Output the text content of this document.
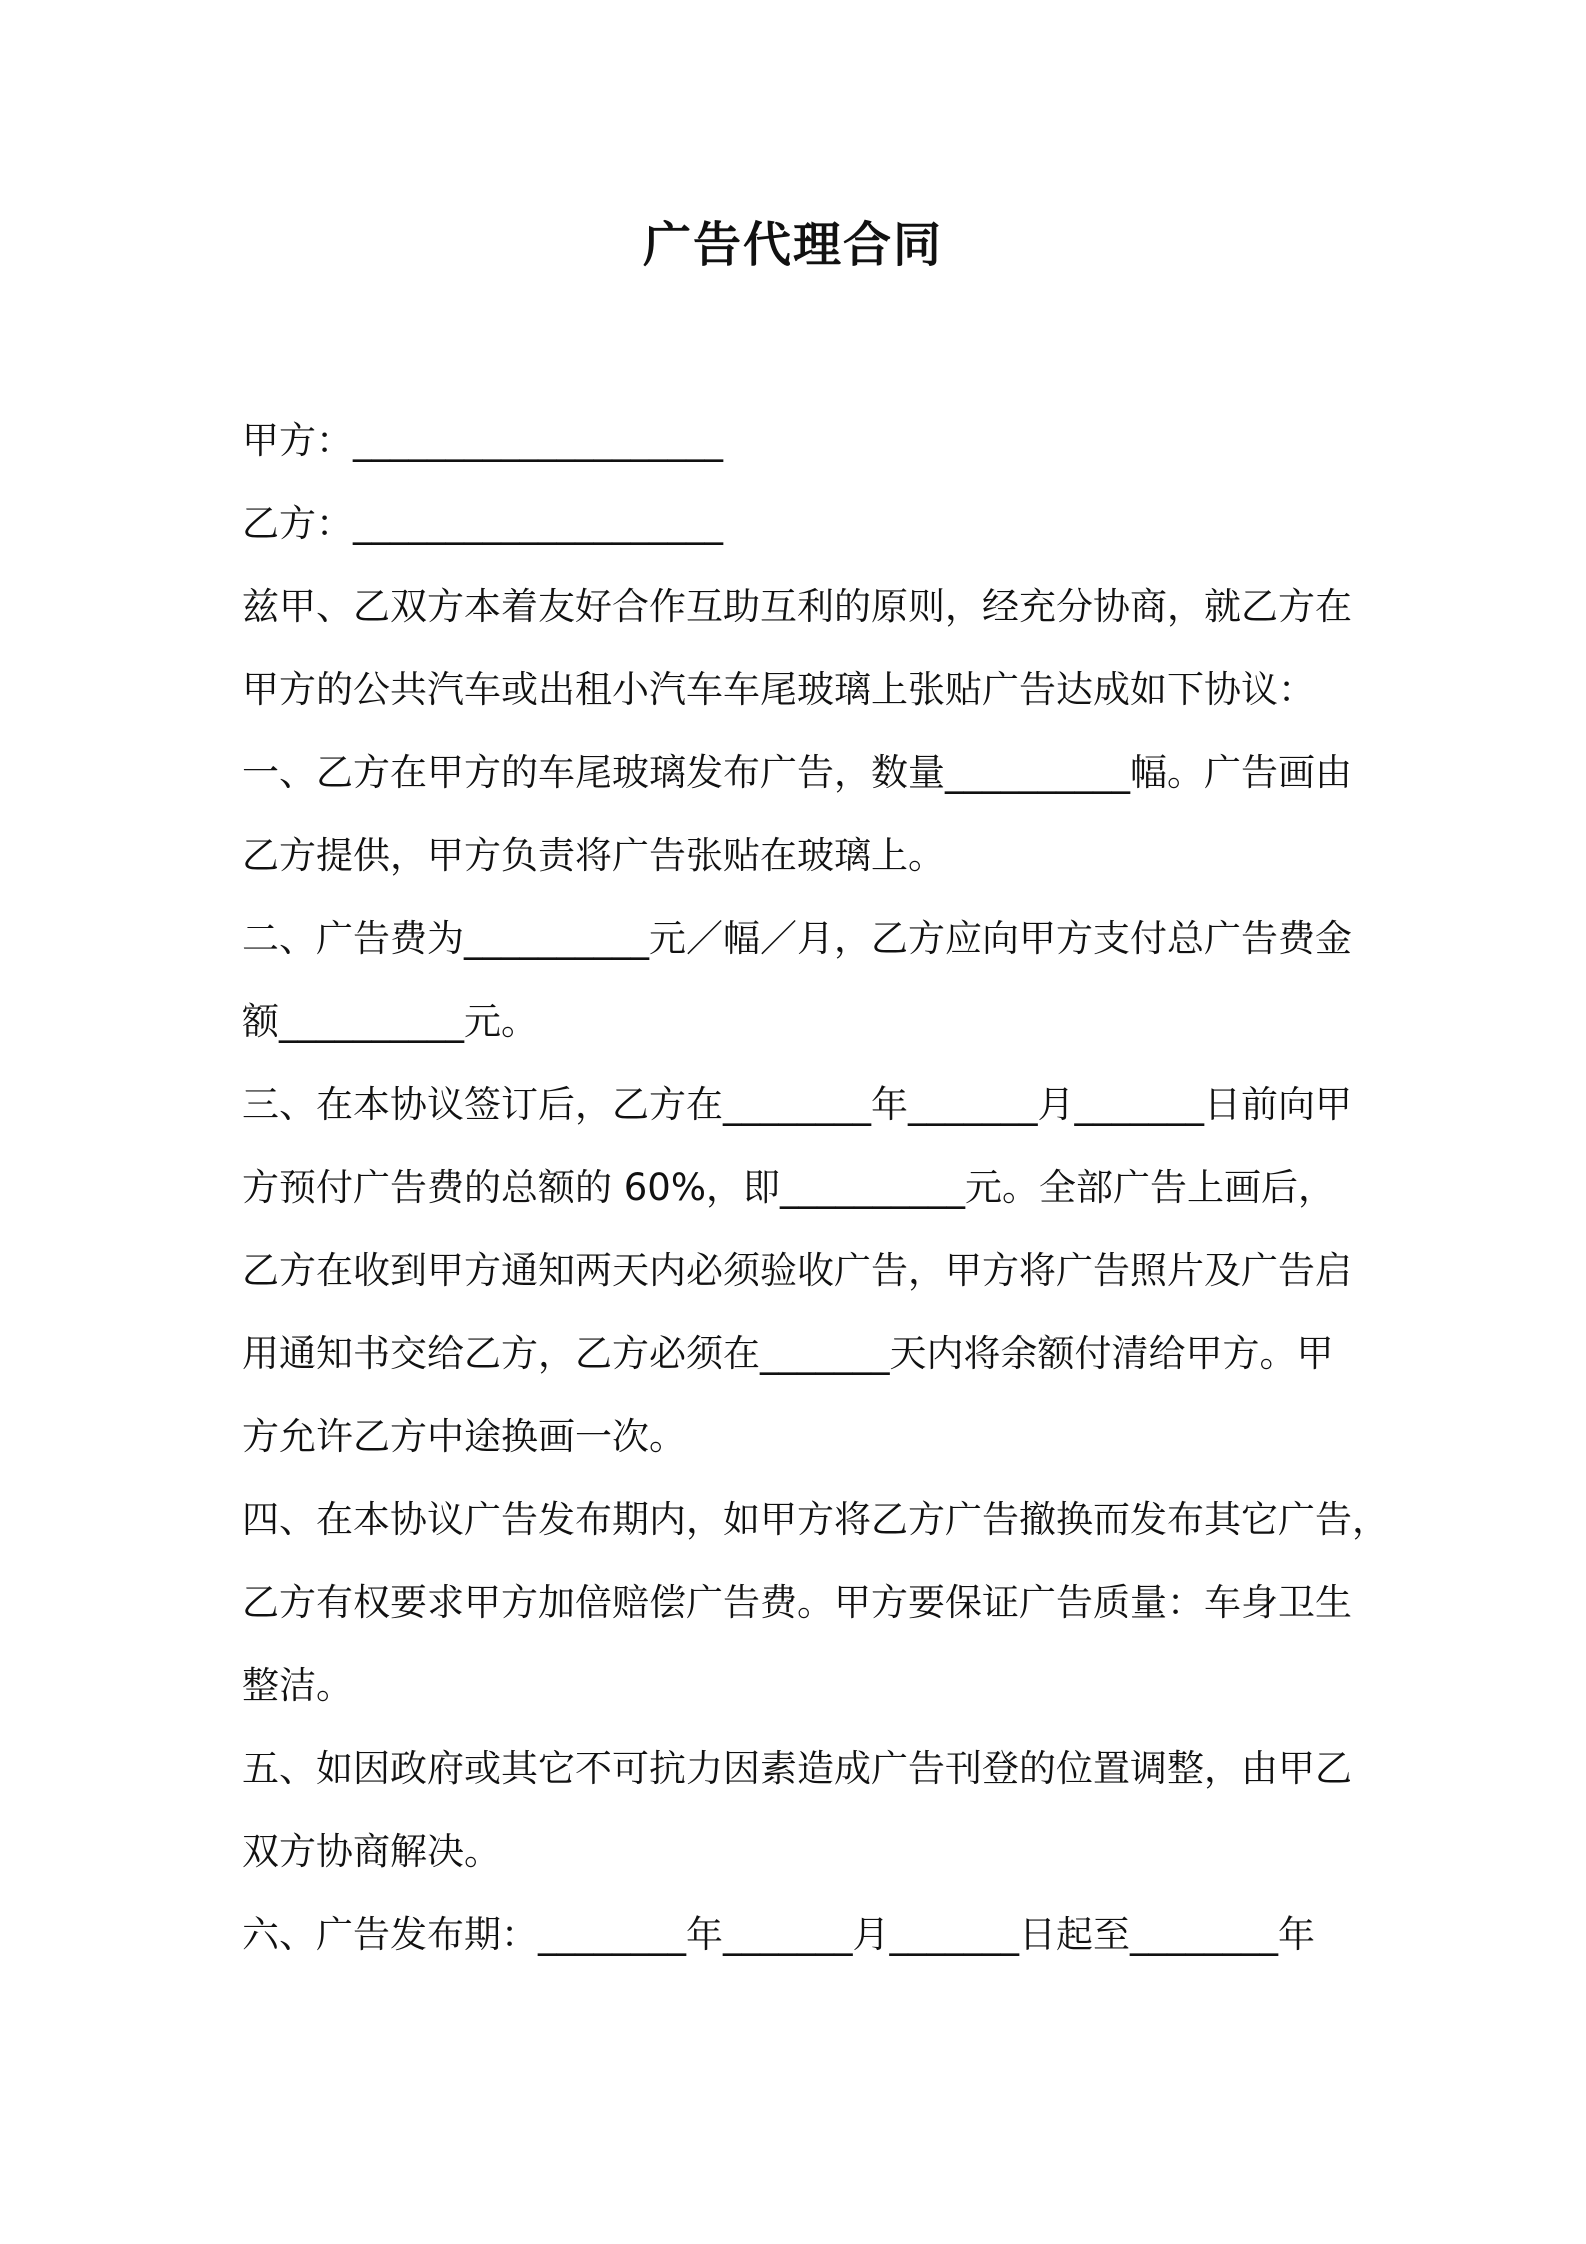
广告代理合同
甲方：____________________
乙方：____________________
兹甲、乙双方本着友好合作互助互利的原则，经充分协商，就乙方在
甲方的公共汽车或出租小汽车车尾玻璃上张贴广告达成如下协议：
一、乙方在甲方的车尾玻璃发布广告，数量__________幅。广告画由
乙方提供，甲方负责将广告张贴在玻璃上。
二、广告费为__________元／幅／月，乙方应向甲方支付总广告费金
额__________元。
三、在本协议签订后，乙方在________年_______月_______日前向甲
方预付广告费的总额的 60%，即__________元。全部广告上画后，
乙方在收到甲方通知两天内必须验收广告，甲方将广告照片及广告启
用通知书交给乙方，乙方必须在_______天内将余额付清给甲方。甲
方允许乙方中途换画一次。
四、在本协议广告发布期内，如甲方将乙方广告撤换而发布其它广告，
乙方有权要求甲方加倍赔偿广告费。甲方要保证广告质量：车身卫生
整洁。
五、如因政府或其它不可抗力因素造成广告刊登的位置调整，由甲乙
双方协商解决。
六、广告发布期：________年_______月_______日起至________年
